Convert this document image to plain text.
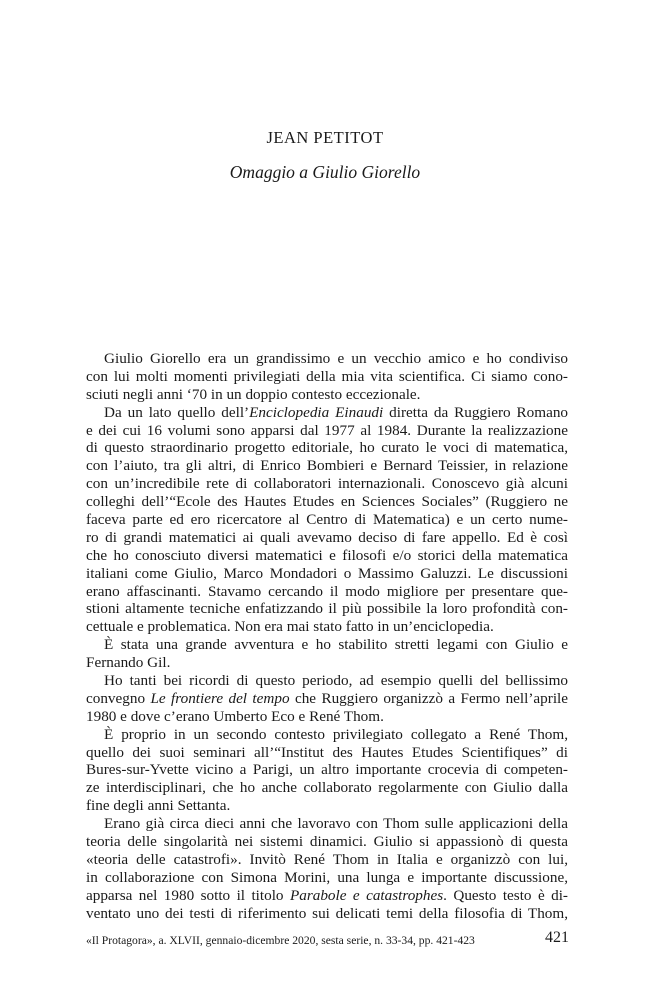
JEAN PETITOT
Omaggio a Giulio Giorello
Giulio Giorello era un grandissimo e un vecchio amico e ho condiviso
con lui molti momenti privilegiati della mia vita scientifica. Ci siamo cono-
sciuti negli anni ‘70 in un doppio contesto eccezionale.
Da un lato quello dell’Enciclopedia Einaudi diretta da Ruggiero Romano
e dei cui 16 volumi sono apparsi dal 1977 al 1984. Durante la realizzazione
di questo straordinario progetto editoriale, ho curato le voci di matematica,
con l’aiuto, tra gli altri, di Enrico Bombieri e Bernard Teissier, in relazione
con un’incredibile rete di collaboratori internazionali. Conoscevo già alcuni
colleghi dell’“Ecole des Hautes Etudes en Sciences Sociales” (Ruggiero ne
faceva parte ed ero ricercatore al Centro di Matematica) e un certo nume-
ro di grandi matematici ai quali avevamo deciso di fare appello. Ed è così
che ho conosciuto diversi matematici e filosofi e/o storici della matematica
italiani come Giulio, Marco Mondadori o Massimo Galuzzi. Le discussioni
erano affascinanti. Stavamo cercando il modo migliore per presentare que-
stioni altamente tecniche enfatizzando il più possibile la loro profondità con-
cettuale e problematica. Non era mai stato fatto in un’enciclopedia.
È stata una grande avventura e ho stabilito stretti legami con Giulio e
Fernando Gil.
Ho tanti bei ricordi di questo periodo, ad esempio quelli del bellissimo
convegno Le frontiere del tempo che Ruggiero organizzò a Fermo nell’aprile
1980 e dove c’erano Umberto Eco e René Thom.
È proprio in un secondo contesto privilegiato collegato a René Thom,
quello dei suoi seminari all’“Institut des Hautes Etudes Scientifiques” di
Bures-sur-Yvette vicino a Parigi, un altro importante crocevia di competen-
ze interdisciplinari, che ho anche collaborato regolarmente con Giulio dalla
fine degli anni Settanta.
Erano già circa dieci anni che lavoravo con Thom sulle applicazioni della
teoria delle singolarità nei sistemi dinamici. Giulio si appassionò di questa
«teoria delle catastrofi». Invitò René Thom in Italia e organizzò con lui,
in collaborazione con Simona Morini, una lunga e importante discussione,
apparsa nel 1980 sotto il titolo Parabole e catastrophes. Questo testo è di-
ventato uno dei testi di riferimento sui delicati temi della filosofia di Thom,
«Il Protagora», a. XLVII, gennaio-dicembre 2020, sesta serie, n. 33-34, pp. 421-423	421
